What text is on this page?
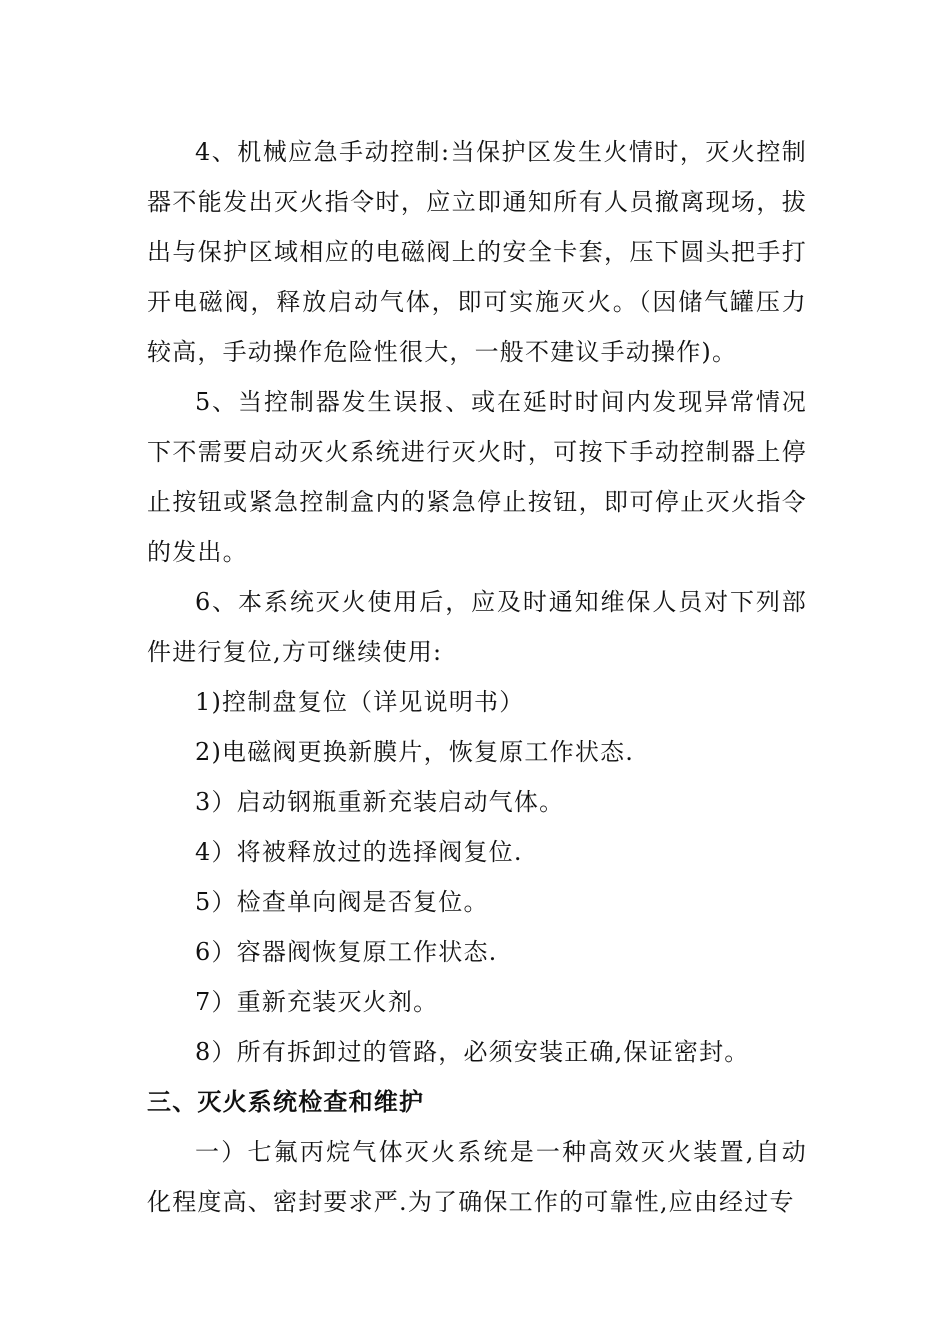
4、机械应急手动控制:当保护区发生火情时，灭火控制器不能发出灭火指令时，应立即通知所有人员撤离现场，拔出与保护区域相应的电磁阀上的安全卡套，压下圆头把手打开电磁阀，释放启动气体，即可实施灭火。（因储气罐压力较高，手动操作危险性很大，一般不建议手动操作)。

5、当控制器发生误报、或在延时时间内发现异常情况下不需要启动灭火系统进行灭火时，可按下手动控制器上停止按钮或紧急控制盒内的紧急停止按钮，即可停止灭火指令的发出。

6、本系统灭火使用后，应及时通知维保人员对下列部件进行复位,方可继续使用:

1)控制盘复位（详见说明书）

2)电磁阀更换新膜片，恢复原工作状态.

3）启动钢瓶重新充装启动气体。

4）将被释放过的选择阀复位.

5）检查单向阀是否复位。

6）容器阀恢复原工作状态.

7）重新充装灭火剂。

8）所有拆卸过的管路，必须安装正确,保证密封。

三、灭火系统检查和维护

一）七氟丙烷气体灭火系统是一种高效灭火装置,自动化程度高、密封要求严.为了确保工作的可靠性,应由经过专
